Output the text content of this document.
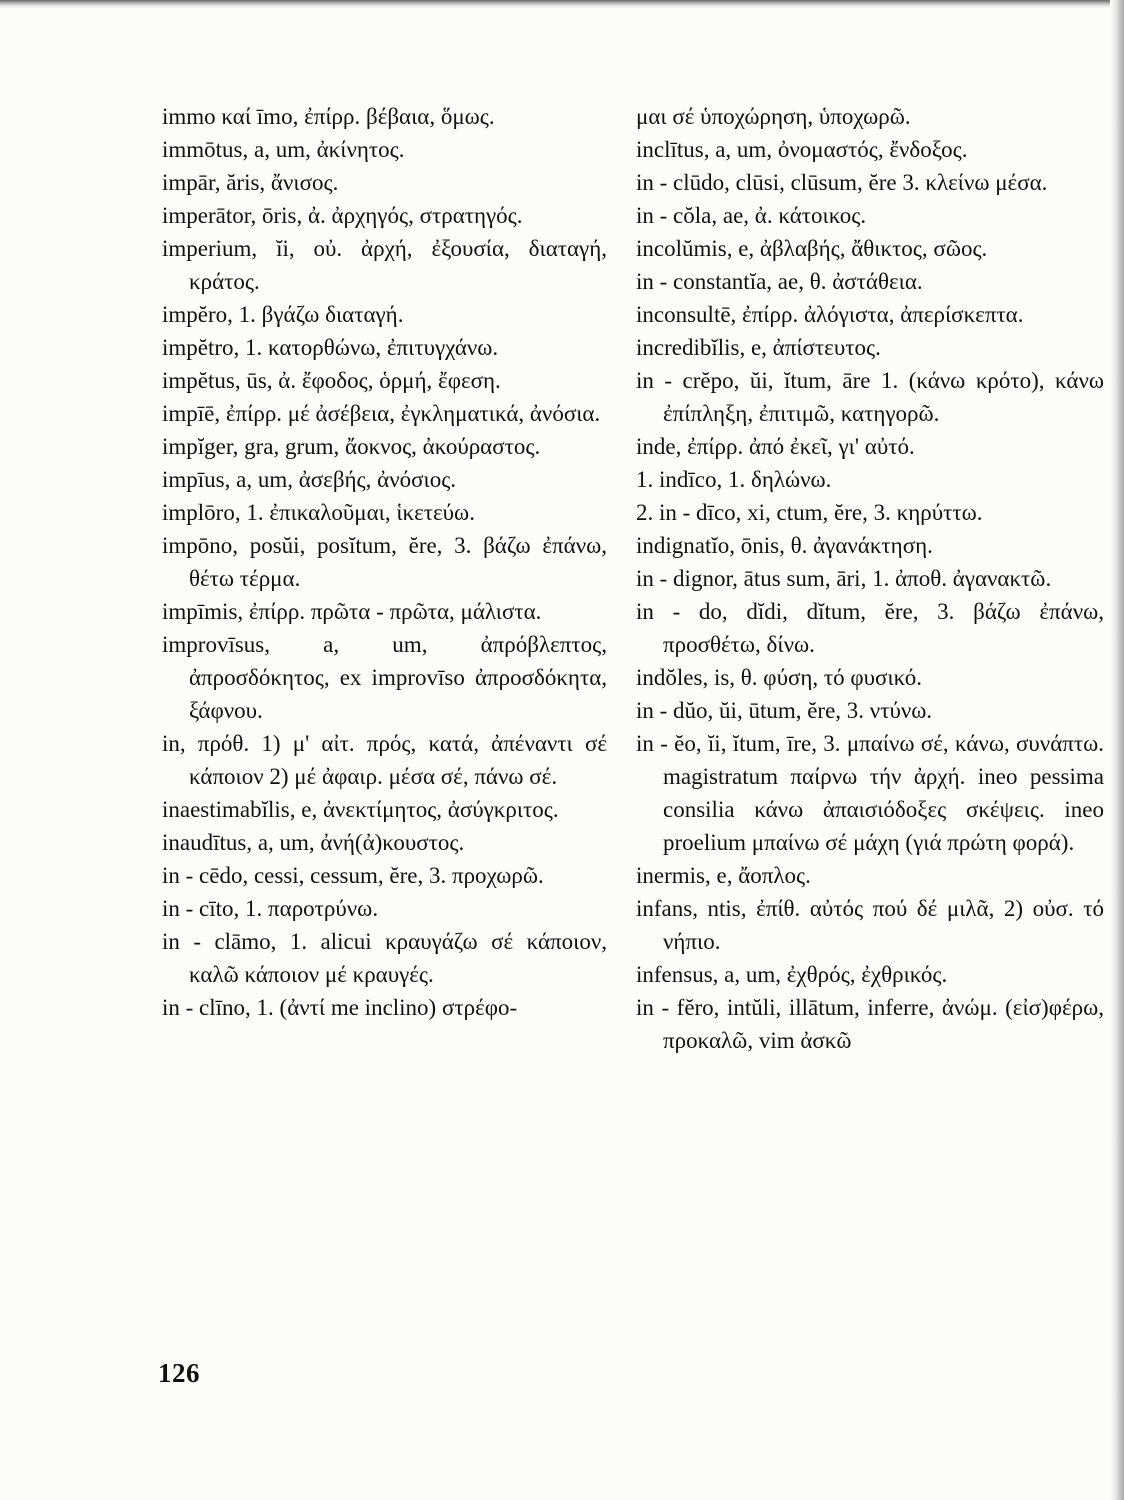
immo καί īmo, ἐπίρρ. βέβαια, ὅμως.

immōtus, a, um, ἀκίνητος.

impār, ăris, ἄνισος.

imperātor, ōris, ἀ. ἀρχηγός, στρατηγός.

imperium, ĭi, οὐ. ἀρχή, ἐξουσία, διαταγή, κράτος.

impĕro, 1. βγάζω διαταγή.

impĕtro, 1. κατορθώνω, ἐπιτυγχάνω.

impĕtus, ūs, ἀ. ἔφοδος, ὁρμή, ἔφεση.

impīē, ἐπίρρ. μέ ἀσέβεια, ἐγκληματικά, ἀνόσια.

impĭger, gra, grum, ἄοκνος, ἀκούραστος.

impīus, a, um, ἀσεβής, ἀνόσιος.

implōro, 1. ἐπικαλοῦμαι, ἱκετεύω.

impōno, posŭi, posĭtum, ĕre, 3. βάζω ἐπάνω, θέτω τέρμα.

impīmis, ἐπίρρ. πρῶτα - πρῶτα, μάλιστα.

improvīsus, a, um, ἀπρόβλεπτος, ἀπροσδόκητος, ex improvīso ἀπροσδόκητα, ξάφνου.

in, πρόθ. 1) μ' αἰτ. πρός, κατά, ἀπέναντι σέ κάποιον 2) μέ ἀφαιρ. μέσα σέ, πάνω σέ.

inaestimabĭlis, e, ἀνεκτίμητος, ἀσύγκριτος.

inaudītus, a, um, ἀνή(ἀ)κουστος.

in - cēdo, cessi, cessum, ĕre, 3. προχωρῶ.

in - cīto, 1. παροτρύνω.

in - clāmo, 1. alicui κραυγάζω σέ κάποιον, καλῶ κάποιον μέ κραυγές.

in - clīno, 1. (ἀντί me inclino) στρέφο-

μαι σέ ὑποχώρηση, ὑποχωρῶ.

inclītus, a, um, ὀνομαστός, ἔνδοξος.

in - clūdo, clūsi, clūsum, ĕre 3. κλείνω μέσα.

in - cŏla, ae, ἀ. κάτοικος.

incolŭmis, e, ἀβλαβής, ἄθικτος, σῶος.

in - constantĭa, ae, θ. ἀστάθεια.

inconsultē, ἐπίρρ. ἀλόγιστα, ἀπερίσκεπτα.

incredibĭlis, e, ἀπίστευτος.

in - crĕpo, ŭi, ĭtum, āre 1. (κάνω κρότο), κάνω ἐπίπληξη, ἐπιτιμῶ, κατηγορῶ.

inde, ἐπίρρ. ἀπό ἐκεῖ, γι' αὐτό.

1. indīco, 1. δηλώνω.

2. in - dīco, xi, ctum, ĕre, 3. κηρύττω.

indignatĭo, ōnis, θ. ἀγανάκτηση.

in - dignor, ātus sum, āri, 1. ἀποθ. ἀγανακτῶ.

in - do, dĭdi, dĭtum, ĕre, 3. βάζω ἐπάνω, προσθέτω, δίνω.

indŏles, is, θ. φύση, τό φυσικό.

in - dŭo, ŭi, ūtum, ĕre, 3. ντύνω.

in - ĕo, ĭi, ĭtum, īre, 3. μπαίνω σέ, κάνω, συνάπτω. magistratum παίρνω τήν ἀρχή. ineo pessima consilia κάνω ἀπαισιόδοξες σκέψεις. ineo proelium μπαίνω σέ μάχη (γιά πρώτη φορά).

inermis, e, ἄοπλος.

infans, ntis, ἐπίθ. αὐτός πού δέ μιλᾶ, 2) οὐσ. τό νήπιο.

infensus, a, um, ἐχθρός, ἐχθρικός.

in - fĕro, intŭli, illātum, inferre, ἀνώμ. (εἰσ)φέρω, προκαλῶ, vim ἀσκῶ

126
